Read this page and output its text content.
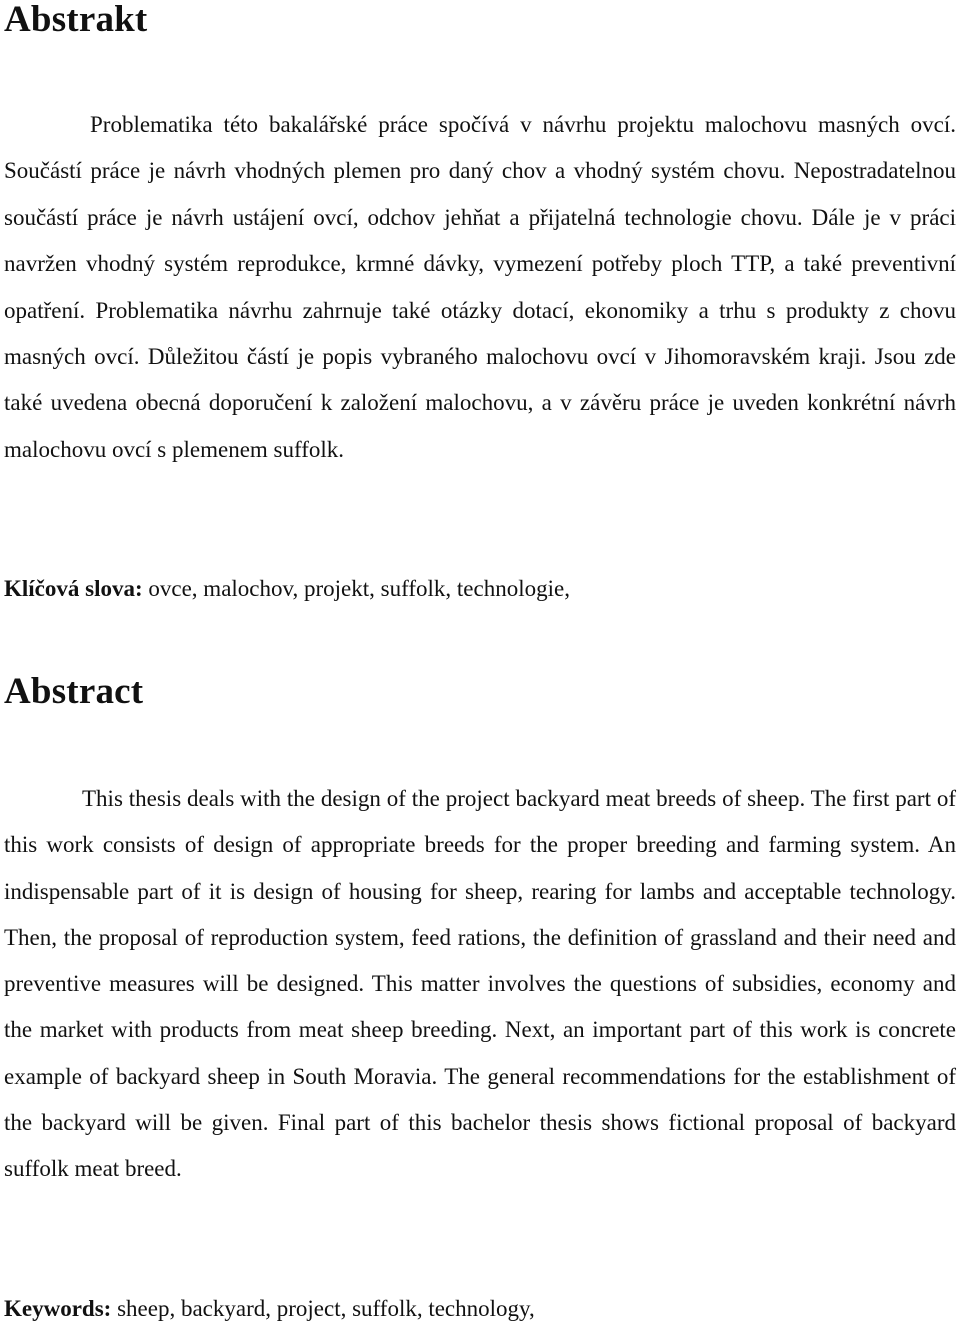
Abstrakt

Problematika této bakalářské práce spočívá v návrhu projektu malochovu masných ovcí. Součástí práce je návrh vhodných plemen pro daný chov a vhodný systém chovu. Nepostradatelnou součástí práce je návrh ustájení ovcí, odchov jehňat a přijatelná technologie chovu. Dále je v práci navržen vhodný systém reprodukce, krmné dávky, vymezení potřeby ploch TTP, a také preventivní opatření. Problematika návrhu zahrnuje také otázky dotací, ekonomiky a trhu s produkty z chovu masných ovcí. Důležitou částí je popis vybraného malochovu ovcí v Jihomoravském kraji. Jsou zde také uvedena obecná doporučení k založení malochovu, a v závěru práce je uveden konkrétní návrh malochovu ovcí s plemenem suffolk.

Klíčová slova: ovce, malochov, projekt, suffolk, technologie,

Abstract

This thesis deals with the design of the project backyard meat breeds of sheep. The first part of this work consists of design of appropriate breeds for the proper breeding and farming system. An indispensable part of it is design of housing for sheep, rearing for lambs and acceptable technology. Then, the proposal of reproduction system, feed rations, the definition of grassland and their need and preventive measures will be designed. This matter involves the questions of subsidies, economy and the market with products from meat sheep breeding. Next, an important part of this work is concrete example of backyard sheep in South Moravia. The general recommendations for the establishment of the backyard will be given. Final part of this bachelor thesis shows fictional proposal of backyard suffolk meat breed.

Keywords: sheep, backyard, project, suffolk, technology,
